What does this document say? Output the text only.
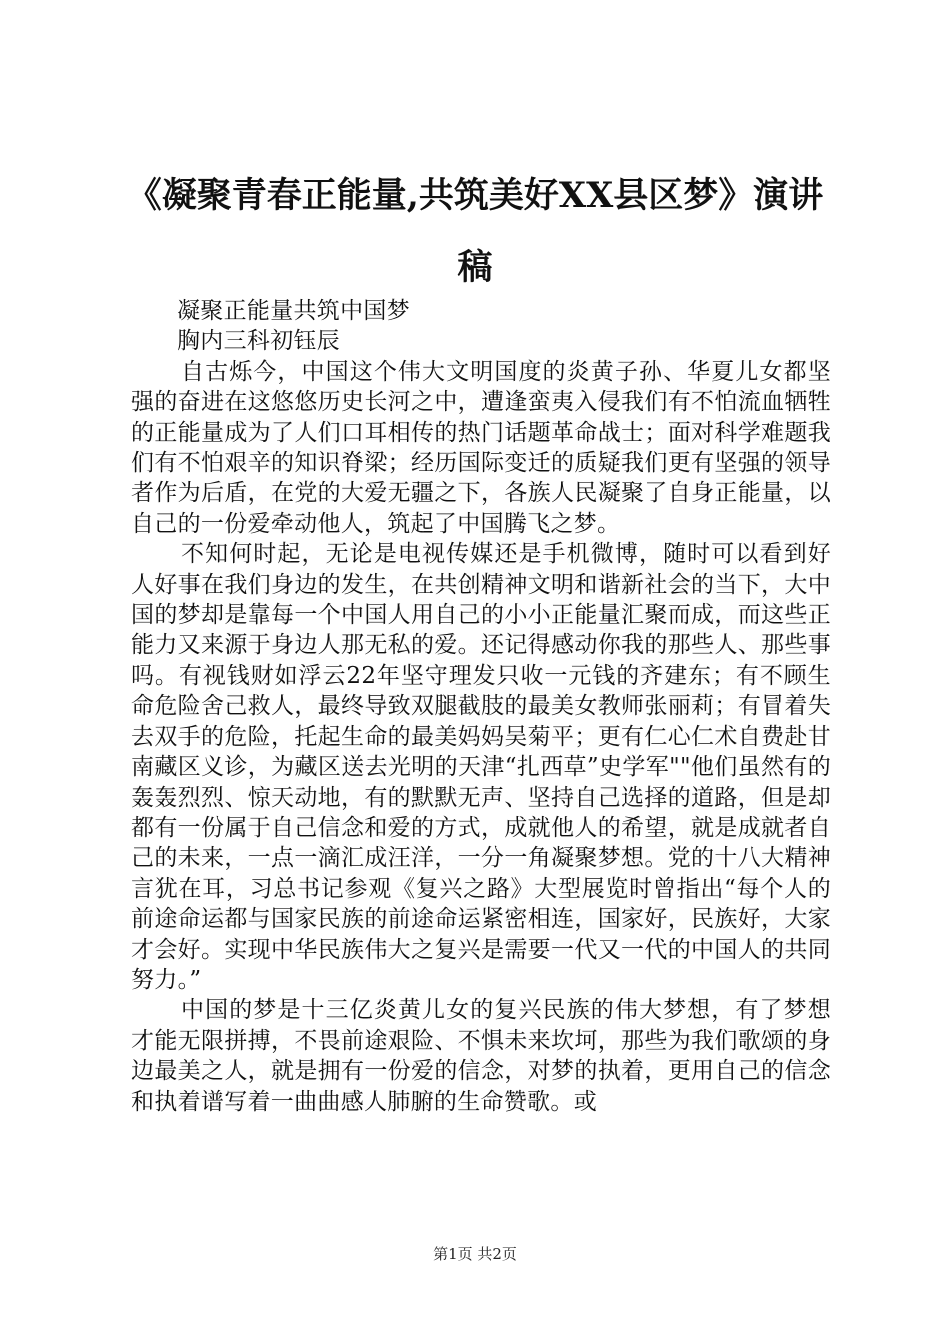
《凝聚青春正能量,共筑美好XX县区梦》演讲稿

凝聚正能量共筑中国梦

胸内三科初钰辰

自古烁今，中国这个伟大文明国度的炎黄子孙、华夏儿女都坚强的奋进在这悠悠历史长河之中，遭逢蛮夷入侵我们有不怕流血牺牲的正能量成为了人们口耳相传的热门话题革命战士；面对科学难题我们有不怕艰辛的知识脊梁；经历国际变迁的质疑我们更有坚强的领导者作为后盾，在党的大爱无疆之下，各族人民凝聚了自身正能量，以自己的一份爱牵动他人，筑起了中国腾飞之梦。

不知何时起，无论是电视传媒还是手机微博，随时可以看到好人好事在我们身边的发生，在共创精神文明和谐新社会的当下，大中国的梦却是靠每一个中国人用自己的小小正能量汇聚而成，而这些正能力又来源于身边人那无私的爱。还记得感动你我的那些人、那些事吗。有视钱财如浮云22年坚守理发只收一元钱的齐建东；有不顾生命危险舍己救人，最终导致双腿截肢的最美女教师张丽莉；有冒着失去双手的危险，托起生命的最美妈妈吴菊平；更有仁心仁术自费赴甘南藏区义诊，为藏区送去光明的天津“扎西草”史学军""他们虽然有的轰轰烈烈、惊天动地，有的默默无声、坚持自己选择的道路，但是却都有一份属于自己信念和爱的方式，成就他人的希望，就是成就者自己的未来，一点一滴汇成汪洋，一分一角凝聚梦想。党的十八大精神言犹在耳，习总书记参观《复兴之路》大型展览时曾指出“每个人的前途命运都与国家民族的前途命运紧密相连，国家好，民族好，大家才会好。实现中华民族伟大之复兴是需要一代又一代的中国人的共同努力。”

中国的梦是十三亿炎黄儿女的复兴民族的伟大梦想，有了梦想才能无限拼搏，不畏前途艰险、不惧未来坎坷，那些为我们歌颂的身边最美之人，就是拥有一份爱的信念，对梦的执着，更用自己的信念和执着谱写着一曲曲感人肺腑的生命赞歌。或

第1页 共2页
